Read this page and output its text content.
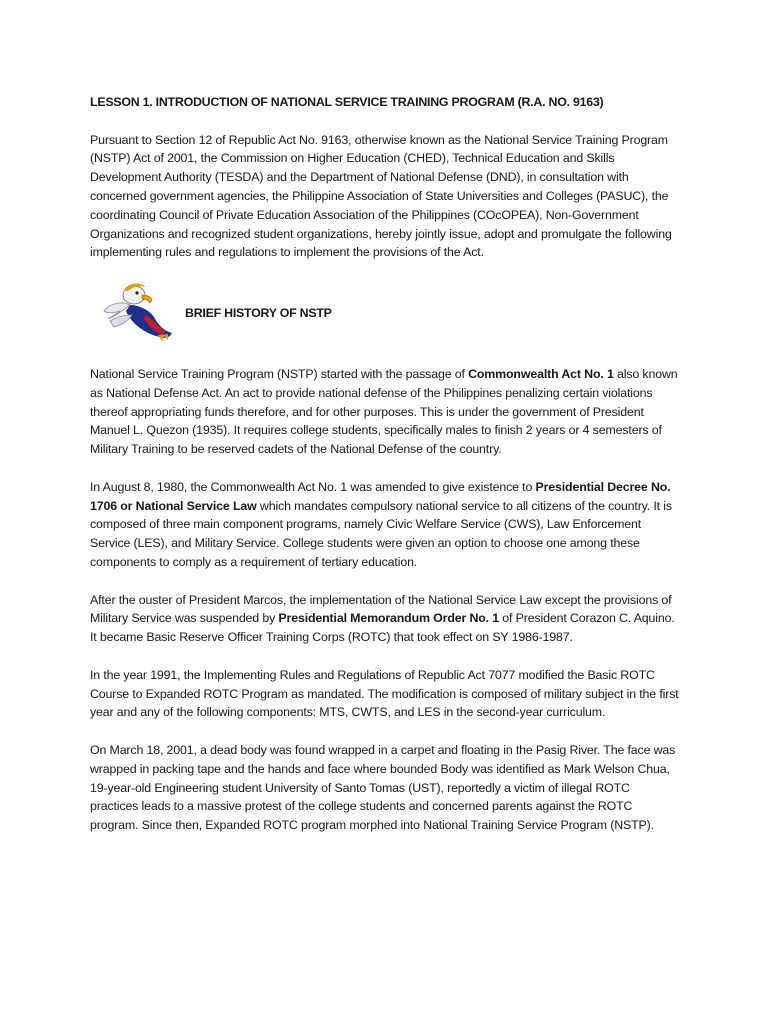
LESSON 1. INTRODUCTION OF NATIONAL SERVICE TRAINING PROGRAM (R.A. NO. 9163)

Pursuant to Section 12 of Republic Act No. 9163, otherwise known as the National Service Training Program (NSTP) Act of 2001, the Commission on Higher Education (CHED), Technical Education and Skills Development Authority (TESDA) and the Department of National Defense (DND), in consultation with concerned government agencies, the Philippine Association of State Universities and Colleges (PASUC), the coordinating Council of Private Education Association of the Philippines (COcOPEA), Non-Government Organizations and recognized student organizations, hereby jointly issue, adopt and promulgate the following implementing rules and regulations to implement the provisions of the Act.

BRIEF HISTORY OF NSTP

National Service Training Program (NSTP) started with the passage of Commonwealth Act No. 1 also known as National Defense Act. An act to provide national defense of the Philippines penalizing certain violations thereof appropriating funds therefore, and for other purposes. This is under the government of President Manuel L. Quezon (1935). It requires college students, specifically males to finish 2 years or 4 semesters of Military Training to be reserved cadets of the National Defense of the country.

In August 8, 1980, the Commonwealth Act No. 1 was amended to give existence to Presidential Decree No. 1706 or National Service Law which mandates compulsory national service to all citizens of the country. It is composed of three main component programs, namely Civic Welfare Service (CWS), Law Enforcement Service (LES), and Military Service. College students were given an option to choose one among these components to comply as a requirement of tertiary education.

After the ouster of President Marcos, the implementation of the National Service Law except the provisions of Military Service was suspended by Presidential Memorandum Order No. 1 of President Corazon C. Aquino. It became Basic Reserve Officer Training Corps (ROTC) that took effect on SY 1986-1987.

In the year 1991, the Implementing Rules and Regulations of Republic Act 7077 modified the Basic ROTC Course to Expanded ROTC Program as mandated. The modification is composed of military subject in the first year and any of the following components: MTS, CWTS, and LES in the second-year curriculum.

On March 18, 2001, a dead body was found wrapped in a carpet and floating in the Pasig River. The face was wrapped in packing tape and the hands and face where bounded Body was identified as Mark Welson Chua, 19-year-old Engineering student University of Santo Tomas (UST), reportedly a victim of illegal ROTC practices leads to a massive protest of the college students and concerned parents against the ROTC program. Since then, Expanded ROTC program morphed into National Training Service Program (NSTP).
